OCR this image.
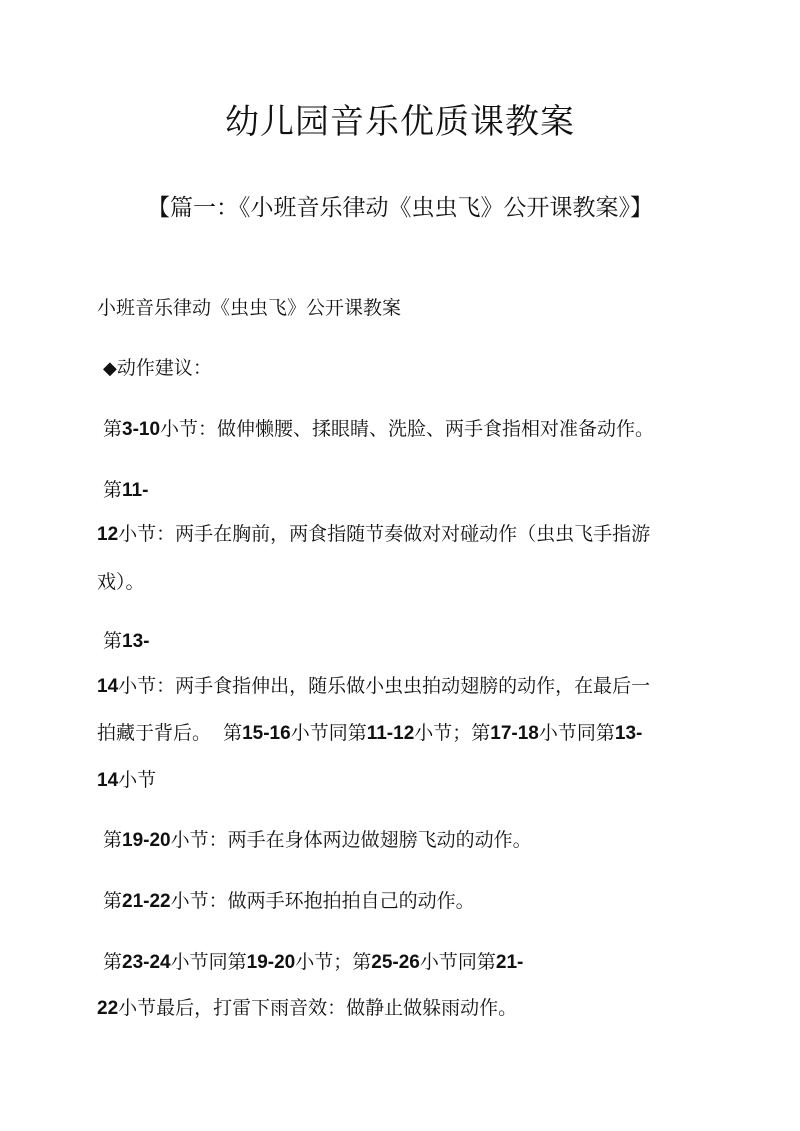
幼儿园音乐优质课教案
【篇一：《小班音乐律动《虫虫飞》公开课教案》】

小班音乐律动《虫虫飞》公开课教案

◆动作建议：

第3-10小节：做伸懒腰、揉眼睛、洗脸、两手食指相对准备动作。

第11-

12小节：两手在胸前，两食指随节奏做对对碰动作（虫虫飞手指游

戏）。

第13-

14小节：两手食指伸出，随乐做小虫虫拍动翅膀的动作，在最后一

拍藏于背后。  第15-16小节同第11-12小节；第17-18小节同第13-

14小节

第19-20小节：两手在身体两边做翅膀飞动的动作。

第21-22小节：做两手环抱拍拍自己的动作。

第23-24小节同第19-20小节；第25-26小节同第21-

22小节最后，打雷下雨音效：做静止做躲雨动作。
